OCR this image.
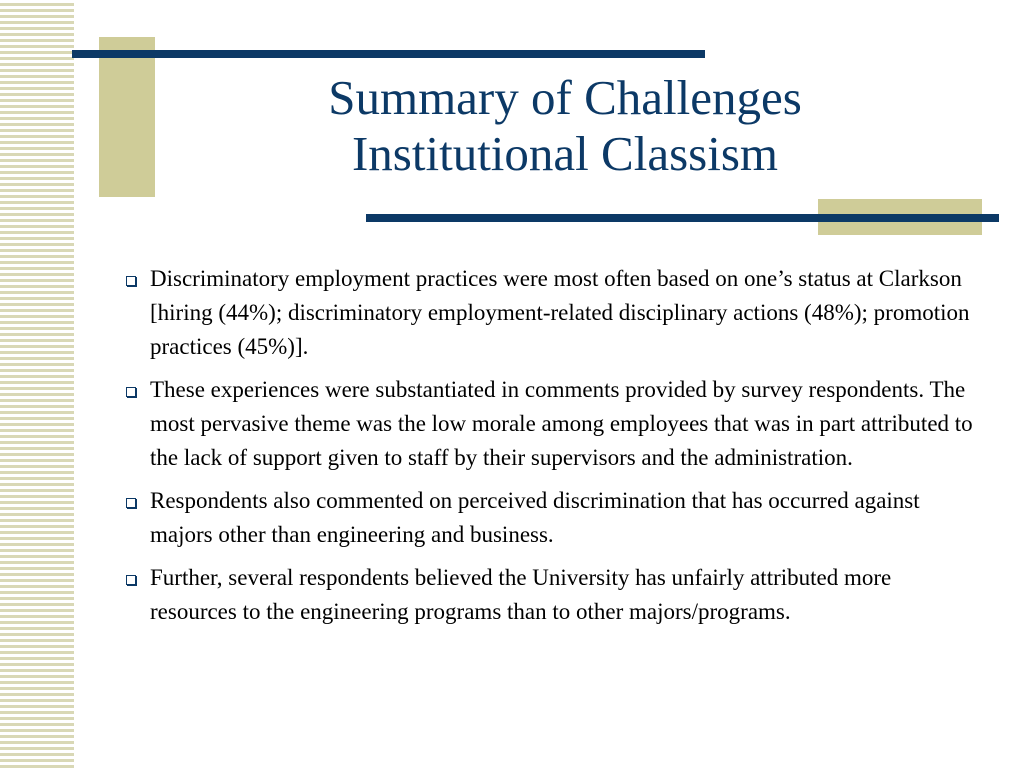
Summary of Challenges
Institutional Classism
Discriminatory employment practices were most often based on one’s status at Clarkson [hiring (44%); discriminatory employment-related disciplinary actions (48%); promotion practices (45%)].
These experiences were substantiated in comments provided by survey respondents. The most pervasive theme was the low morale among employees that was in part attributed to the lack of support given to staff by their supervisors and the administration.
Respondents also commented on perceived discrimination that has occurred against majors other than engineering and business.
Further, several respondents believed the University has unfairly attributed more resources to the engineering programs than to other majors/programs.
